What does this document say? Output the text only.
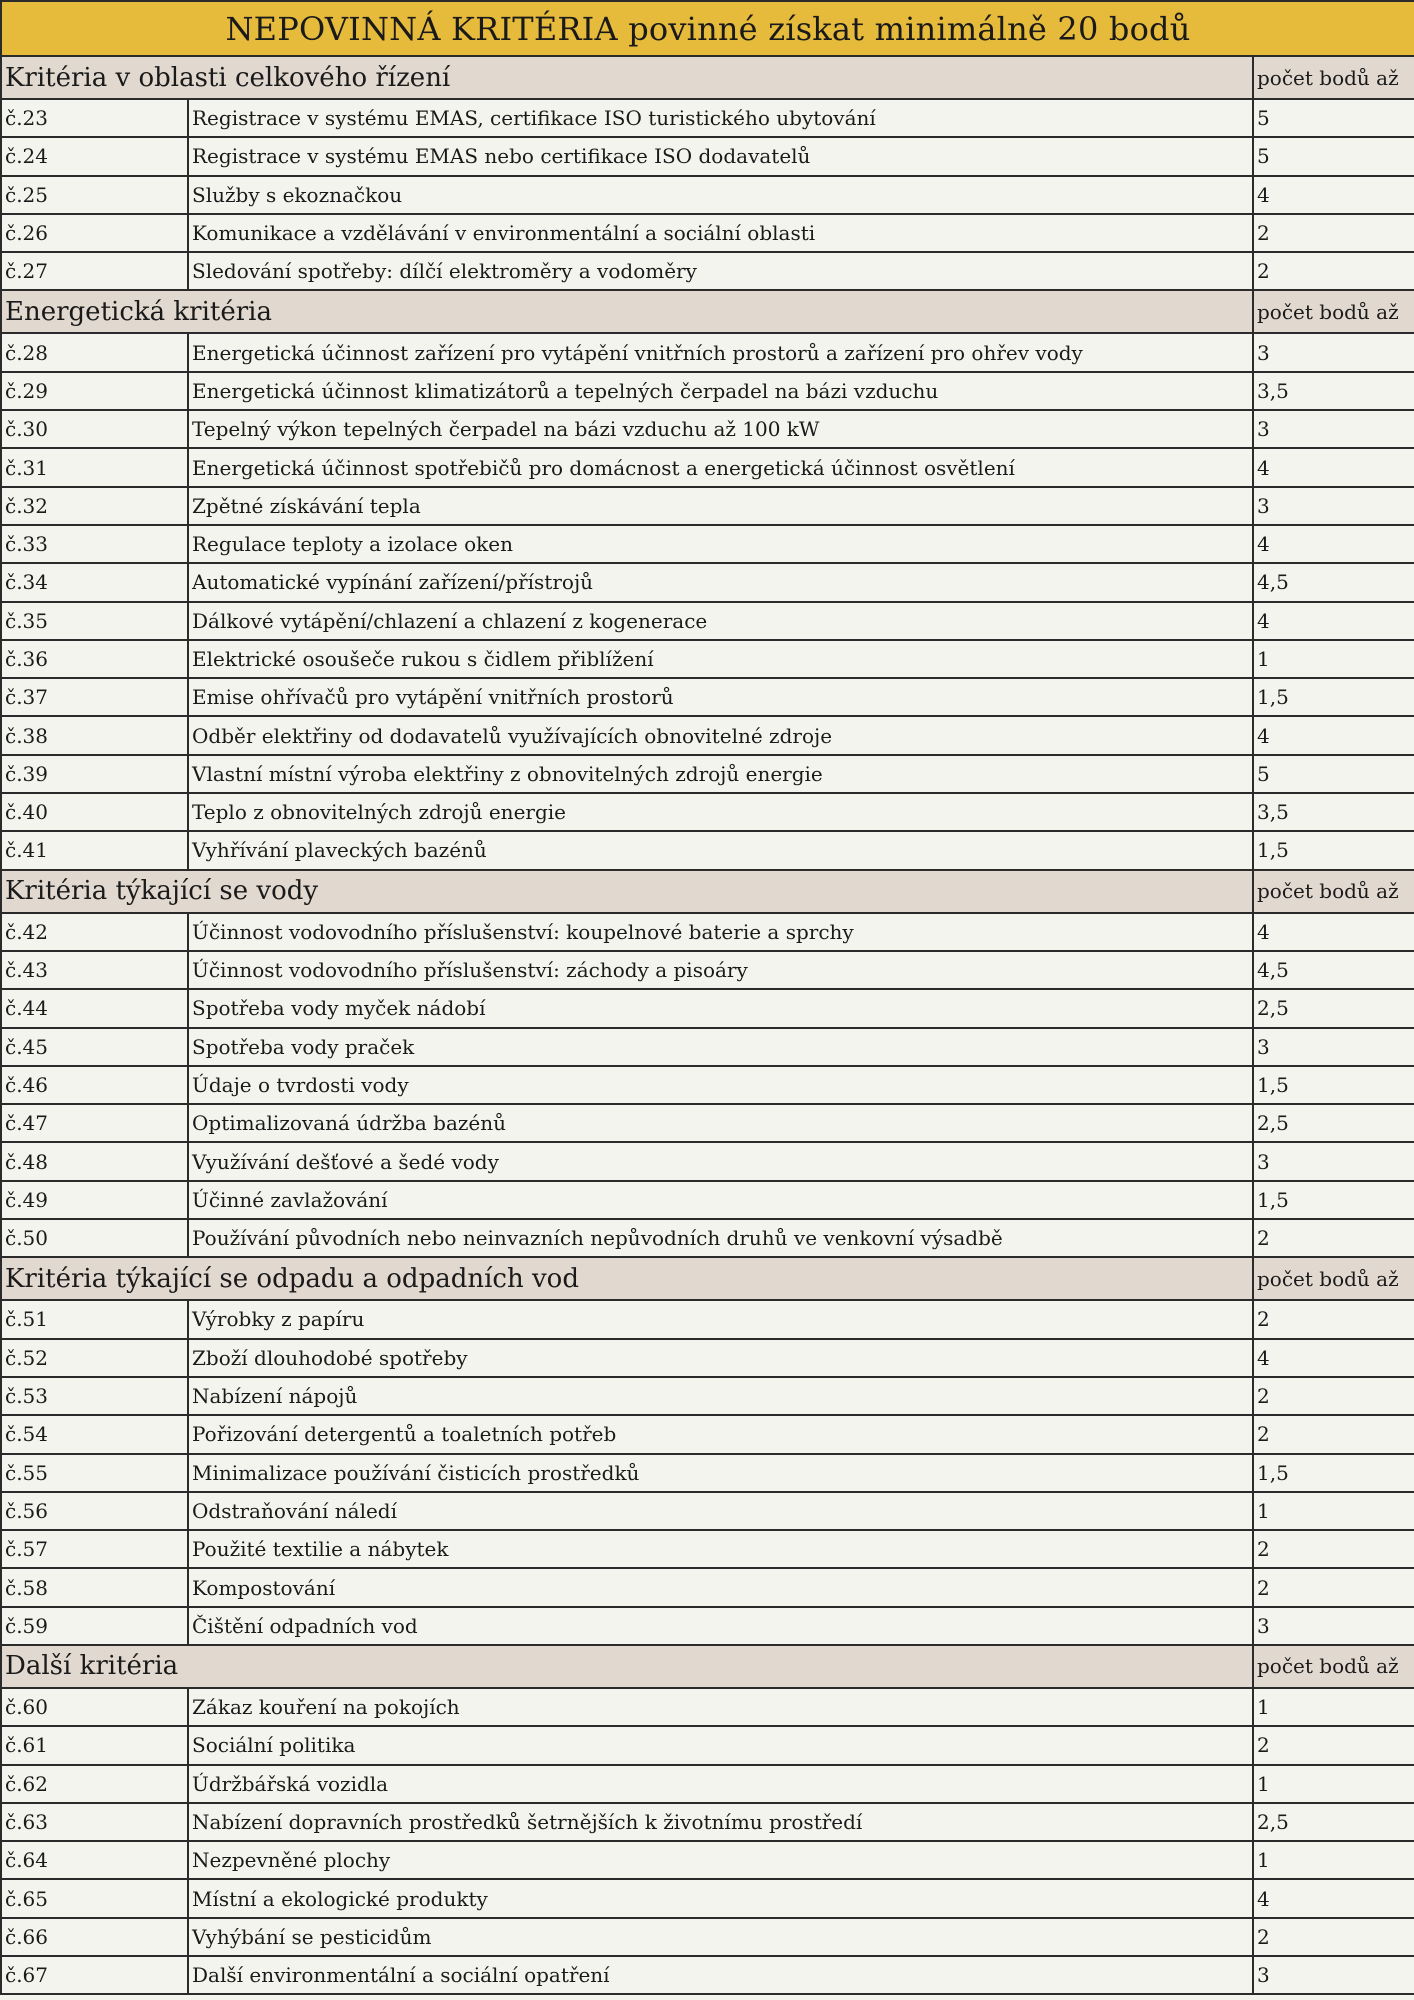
NEPOVINNÁ KRITÉRIA povinné získat minimálně 20 bodů		
Kritéria v oblasti celkového řízení		počet bodů až
č.23	Registrace v systému EMAS, certifikace ISO turistického ubytování	5
č.24	Registrace v systému EMAS nebo certifikace ISO dodavatelů	5
č.25	Služby s ekoznačkou	4
č.26	Komunikace a vzdělávání v environmentální a sociální oblasti	2
č.27	Sledování spotřeby: dílčí elektroměry a vodoměry	2
Energetická kritéria		počet bodů až
č.28	Energetická účinnost zařízení pro vytápění vnitřních prostorů a zařízení pro ohřev vody	3
č.29	Energetická účinnost klimatizátorů a tepelných čerpadel na bázi vzduchu	3,5
č.30	Tepelný výkon tepelných čerpadel na bázi vzduchu až 100 kW	3
č.31	Energetická účinnost spotřebičů pro domácnost a energetická účinnost osvětlení	4
č.32	Zpětné získávání tepla	3
č.33	Regulace teploty a izolace oken	4
č.34	Automatické vypínání zařízení/přístrojů	4,5
č.35	Dálkové vytápění/chlazení a chlazení z kogenerace	4
č.36	Elektrické osoušeče rukou s čidlem přiblížení	1
č.37	Emise ohřívačů pro vytápění vnitřních prostorů	1,5
č.38	Odběr elektřiny od dodavatelů využívajících obnovitelné zdroje	4
č.39	Vlastní místní výroba elektřiny z obnovitelných zdrojů energie	5
č.40	Teplo z obnovitelných zdrojů energie	3,5
č.41	Vyhřívání plaveckých bazénů	1,5
Kritéria týkající se vody		počet bodů až
č.42	Účinnost vodovodního příslušenství: koupelnové baterie a sprchy	4
č.43	Účinnost vodovodního příslušenství: záchody a pisoáry	4,5
č.44	Spotřeba vody myček nádobí	2,5
č.45	Spotřeba vody praček	3
č.46	Údaje o tvrdosti vody	1,5
č.47	Optimalizovaná údržba bazénů	2,5
č.48	Využívání dešťové a šedé vody	3
č.49	Účinné zavlažování	1,5
č.50	Používání původních nebo neinvazních nepůvodních druhů ve venkovní výsadbě	2
Kritéria týkající se odpadu a odpadních vod		počet bodů až
č.51	Výrobky z papíru	2
č.52	Zboží dlouhodobé spotřeby	4
č.53	Nabízení nápojů	2
č.54	Pořizování detergentů a toaletních potřeb	2
č.55	Minimalizace používání čisticích prostředků	1,5
č.56	Odstraňování náledí	1
č.57	Použité textilie a nábytek	2
č.58	Kompostování	2
č.59	Čištění odpadních vod	3
Další kritéria		počet bodů až
č.60	Zákaz kouření na pokojích	1
č.61	Sociální politika	2
č.62	Údržbářská vozidla	1
č.63	Nabízení dopravních prostředků šetrnějších k životnímu prostředí	2,5
č.64	Nezpevněné plochy	1
č.65	Místní a ekologické produkty	4
č.66	Vyhýbání se pesticidům	2
č.67	Další environmentální a sociální opatření	3
